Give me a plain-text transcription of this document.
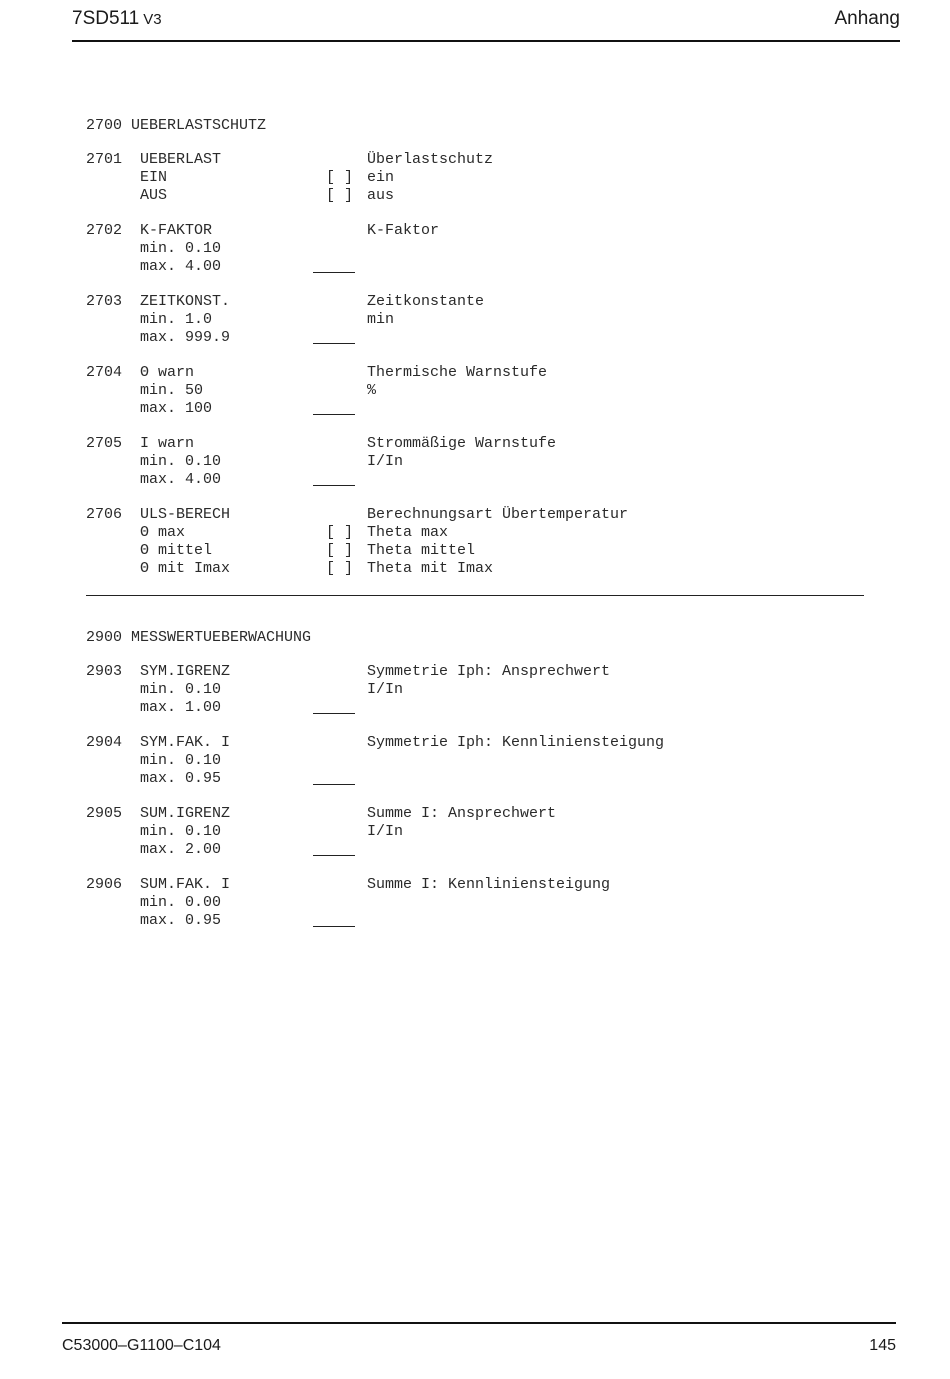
7SD511 V3	Anhang
2700 UEBERLASTSCHUTZ
2701 UEBERLAST	Überlastschutz
EIN	[ ] ein
AUS	[ ] aus
2702 K-FAKTOR	K-Faktor
min. 0.10
max. 4.00
2703 ZEITKONST.	Zeitkonstante
min. 1.0	min
max. 999.9
2704 Θ warn	Thermische Warnstufe
min. 50	%
max. 100
2705 I warn	Strommäßige Warnstufe
min. 0.10	I/In
max. 4.00
2706 ULS-BERECH	Berechnungsart Übertemperatur
Θ max	[ ] Theta max
Θ mittel	[ ] Theta mittel
Θ mit Imax	[ ] Theta mit Imax
2900 MESSWERTUEBERWACHUNG
2903 SYM.IGRENZ	Symmetrie Iph: Ansprechwert
min. 0.10	I/In
max. 1.00
2904 SYM.FAK. I	Symmetrie Iph: Kennliniensteigung
min. 0.10
max. 0.95
2905 SUM.IGRENZ	Summe I: Ansprechwert
min. 0.10	I/In
max. 2.00
2906 SUM.FAK. I	Summe I: Kennliniensteigung
min. 0.00
max. 0.95
C53000–G1100–C104	145
